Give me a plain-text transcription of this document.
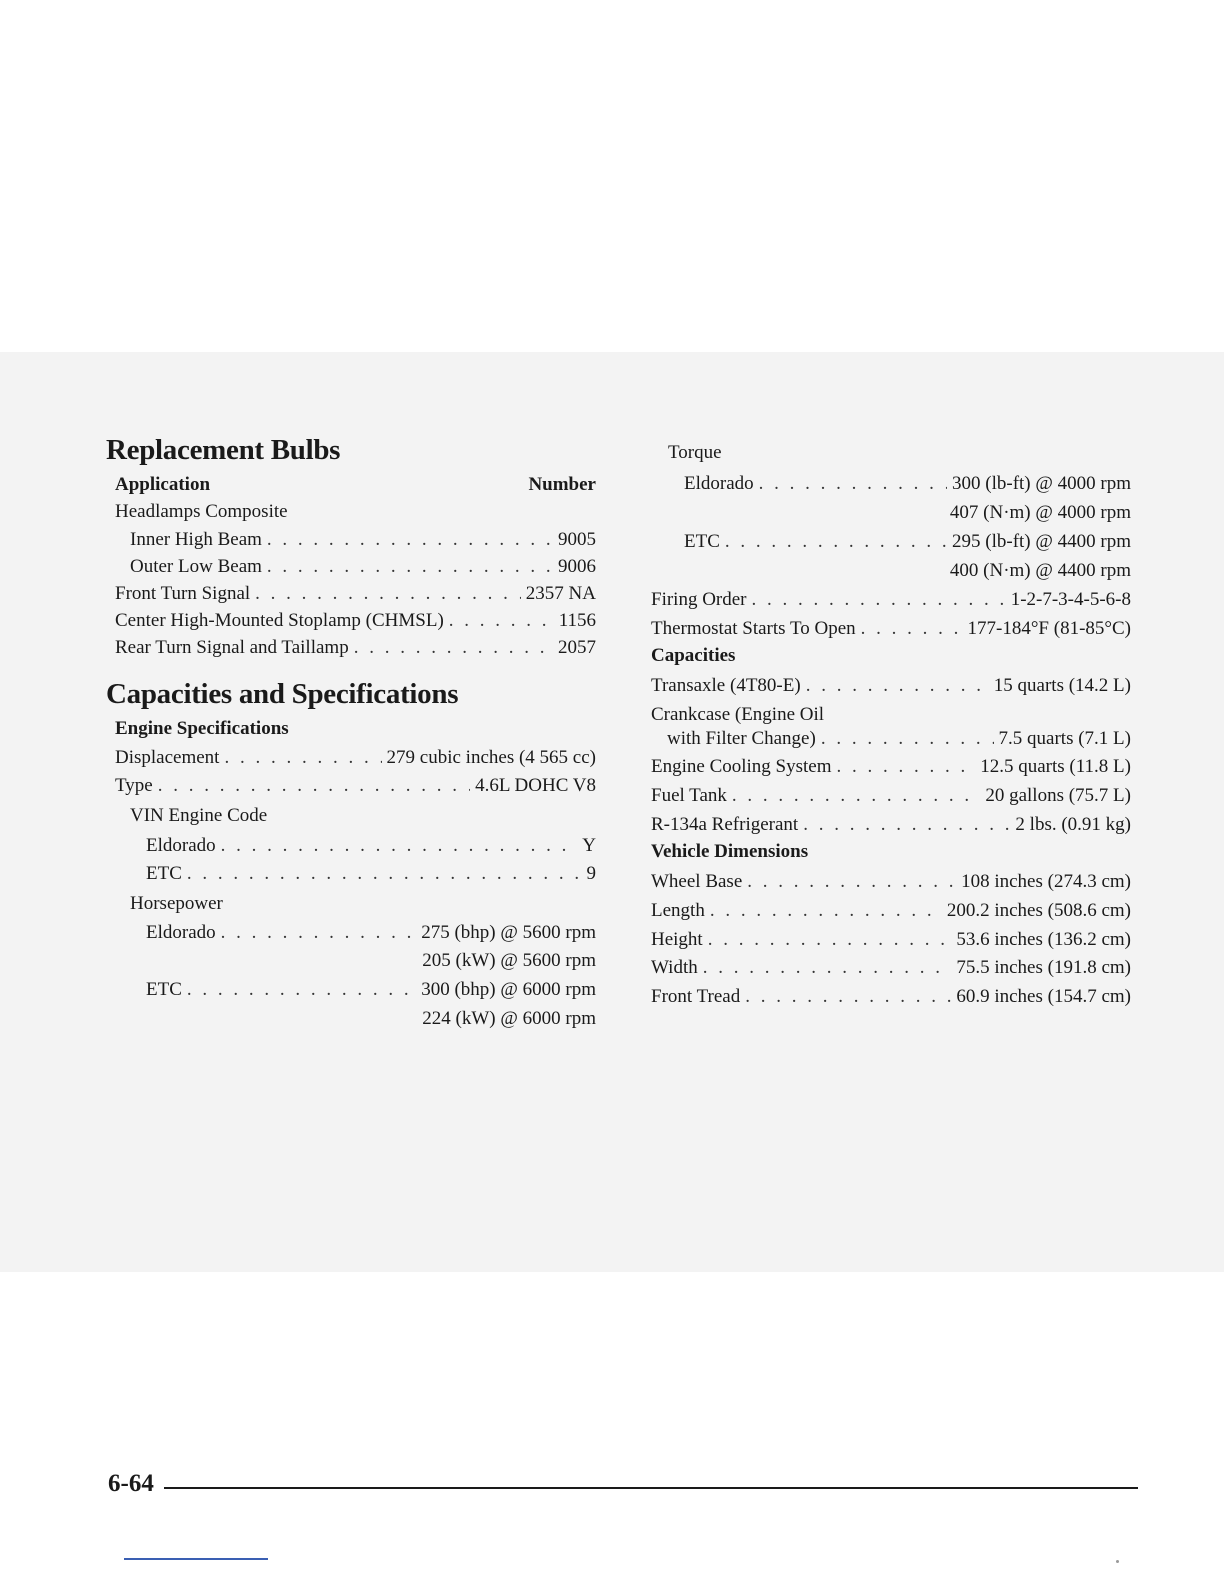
Replacement Bulbs
Application	Number
Headlamps Composite
Inner High Beam . . .	9005
Outer Low Beam . . .	9006
Front Turn Signal . . .	2357 NA
Center High-Mounted Stoplamp (CHMSL) . . .	1156
Rear Turn Signal and Taillamp . . .	2057
Capacities and Specifications
Engine Specifications
Displacement . . .	279 cubic inches (4 565 cc)
Type . . .	4.6L DOHC V8
VIN Engine Code
Eldorado . . .	Y
ETC . . .	9
Horsepower
Eldorado . . .	275 (bhp) @ 5600 rpm
205 (kW) @ 5600 rpm
ETC . . .	300 (bhp) @ 6000 rpm
224 (kW) @ 6000 rpm
Torque
Eldorado . . .	300 (lb-ft) @ 4000 rpm
407 (N·m) @ 4000 rpm
ETC . . .	295 (lb-ft) @ 4400 rpm
400 (N·m) @ 4400 rpm
Firing Order . . .	1-2-7-3-4-5-6-8
Thermostat Starts To Open . . .	177-184°F (81-85°C)
Capacities
Transaxle (4T80-E) . . .	15 quarts (14.2 L)
Crankcase (Engine Oil
with Filter Change) . . .	7.5 quarts (7.1 L)
Engine Cooling System . . .	12.5 quarts (11.8 L)
Fuel Tank . . .	20 gallons (75.7 L)
R-134a Refrigerant . . .	2 lbs. (0.91 kg)
Vehicle Dimensions
Wheel Base . . .	108 inches (274.3 cm)
Length . . .	200.2 inches (508.6 cm)
Height . . .	53.6 inches (136.2 cm)
Width . . .	75.5 inches (191.8 cm)
Front Tread . . .	60.9 inches (154.7 cm)
6-64
